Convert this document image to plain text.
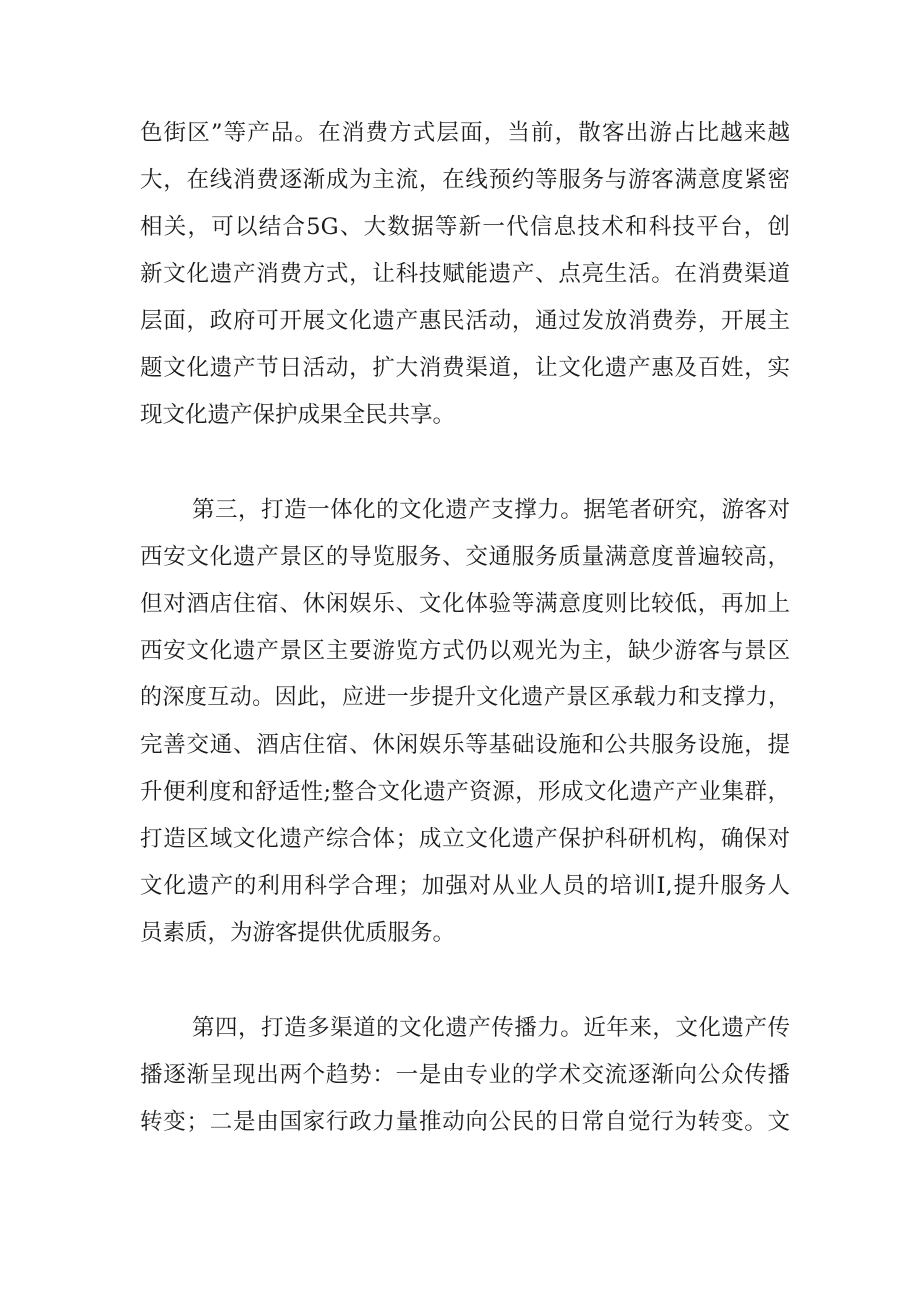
色街区”等产品。在消费方式层面，当前，散客出游占比越来越
大，在线消费逐渐成为主流，在线预约等服务与游客满意度紧密
相关，可以结合5G、大数据等新一代信息技术和科技平台，创
新文化遗产消费方式，让科技赋能遗产、点亮生活。在消费渠道
层面，政府可开展文化遗产惠民活动，通过发放消费券，开展主
题文化遗产节日活动，扩大消费渠道，让文化遗产惠及百姓，实
现文化遗产保护成果全民共享。
第三，打造一体化的文化遗产支撑力。据笔者研究，游客对
西安文化遗产景区的导览服务、交通服务质量满意度普遍较高，
但对酒店住宿、休闲娱乐、文化体验等满意度则比较低，再加上
西安文化遗产景区主要游览方式仍以观光为主，缺少游客与景区
的深度互动。因此，应进一步提升文化遗产景区承载力和支撑力，
完善交通、酒店住宿、休闲娱乐等基础设施和公共服务设施，提
升便利度和舒适性;整合文化遗产资源，形成文化遗产产业集群，
打造区域文化遗产综合体；成立文化遗产保护科研机构，确保对
文化遗产的利用科学合理；加强对从业人员的培训I,提升服务人
员素质，为游客提供优质服务。
第四，打造多渠道的文化遗产传播力。近年来，文化遗产传
播逐渐呈现出两个趋势：一是由专业的学术交流逐渐向公众传播
转变；二是由国家行政力量推动向公民的日常自觉行为转变。文
